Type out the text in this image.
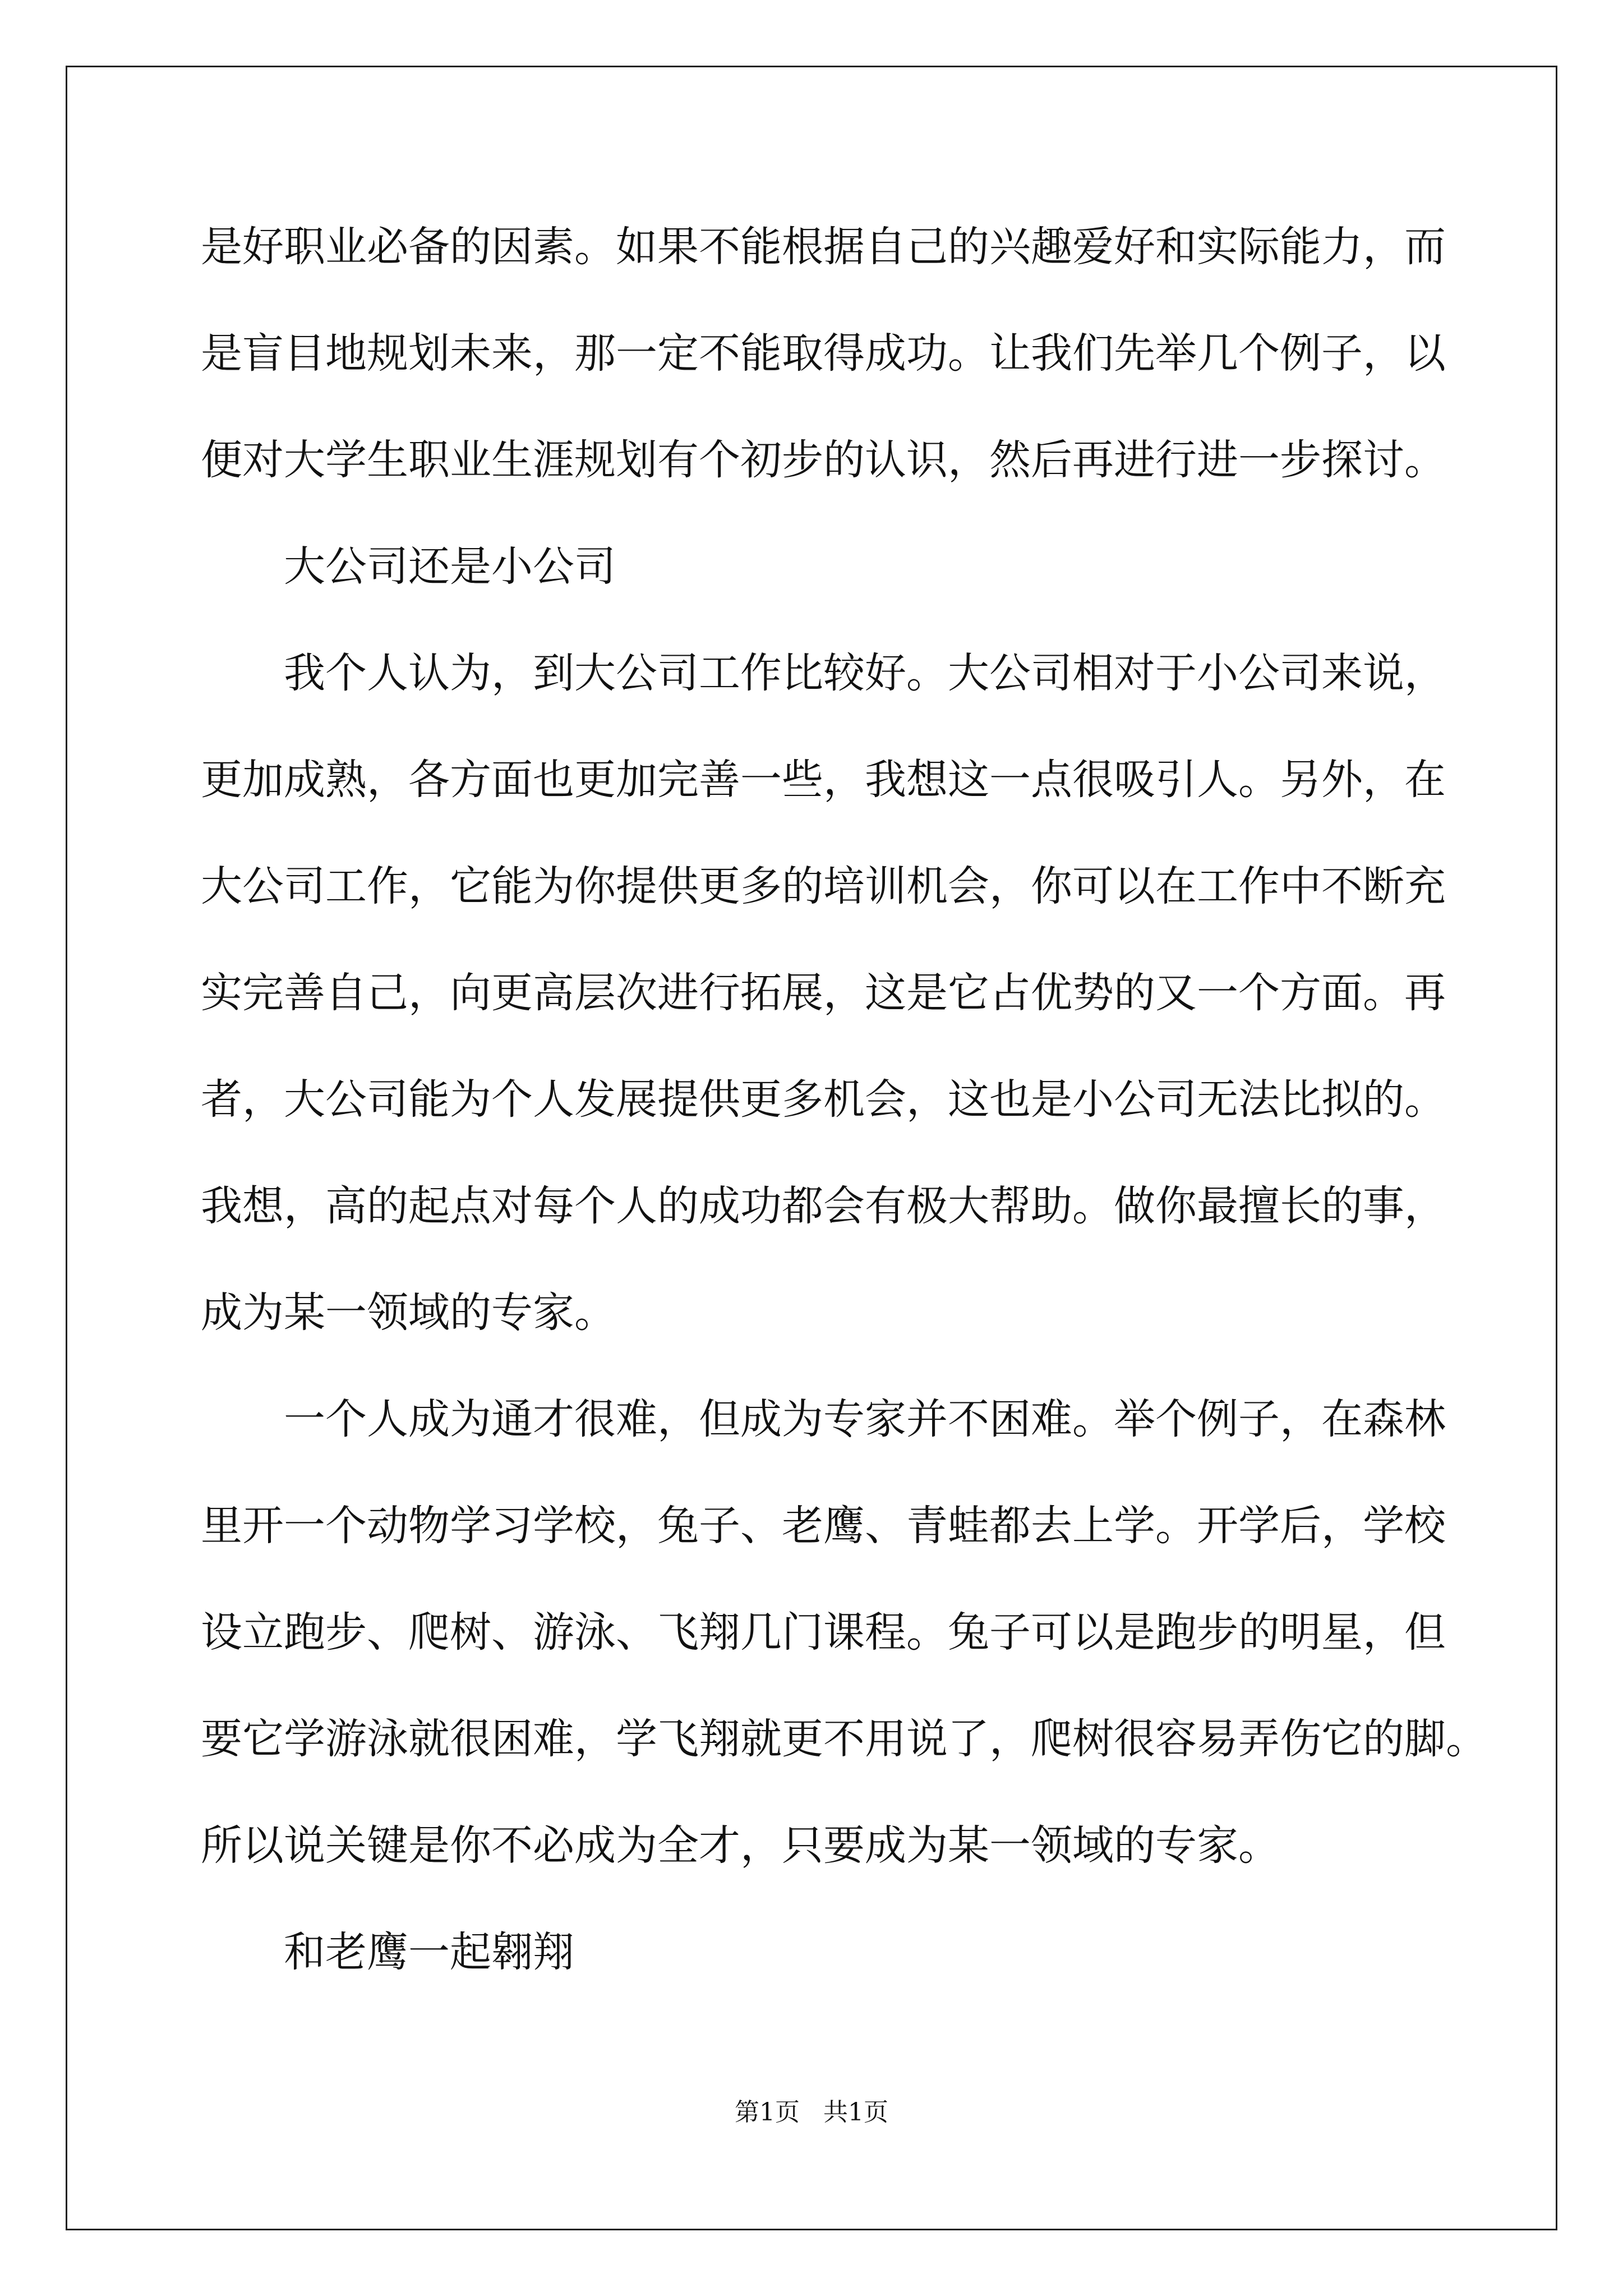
是好职业必备的因素。如果不能根据自己的兴趣爱好和实际能力，而
是盲目地规划未来，那一定不能取得成功。让我们先举几个例子，以
便对大学生职业生涯规划有个初步的认识，然后再进行进一步探讨。
大公司还是小公司
我个人认为，到大公司工作比较好。大公司相对于小公司来说，
更加成熟，各方面也更加完善一些，我想这一点很吸引人。另外，在
大公司工作，它能为你提供更多的培训机会，你可以在工作中不断充
实完善自己，向更高层次进行拓展，这是它占优势的又一个方面。再
者，大公司能为个人发展提供更多机会，这也是小公司无法比拟的。
我想，高的起点对每个人的成功都会有极大帮助。做你最擅长的事，
成为某一领域的专家。
一个人成为通才很难，但成为专家并不困难。举个例子，在森林
里开一个动物学习学校，兔子、老鹰、青蛙都去上学。开学后，学校
设立跑步、爬树、游泳、飞翔几门课程。兔子可以是跑步的明星，但
要它学游泳就很困难，学飞翔就更不用说了，爬树很容易弄伤它的脚。
所以说关键是你不必成为全才，只要成为某一领域的专家。
和老鹰一起翱翔
第1页 共1页
